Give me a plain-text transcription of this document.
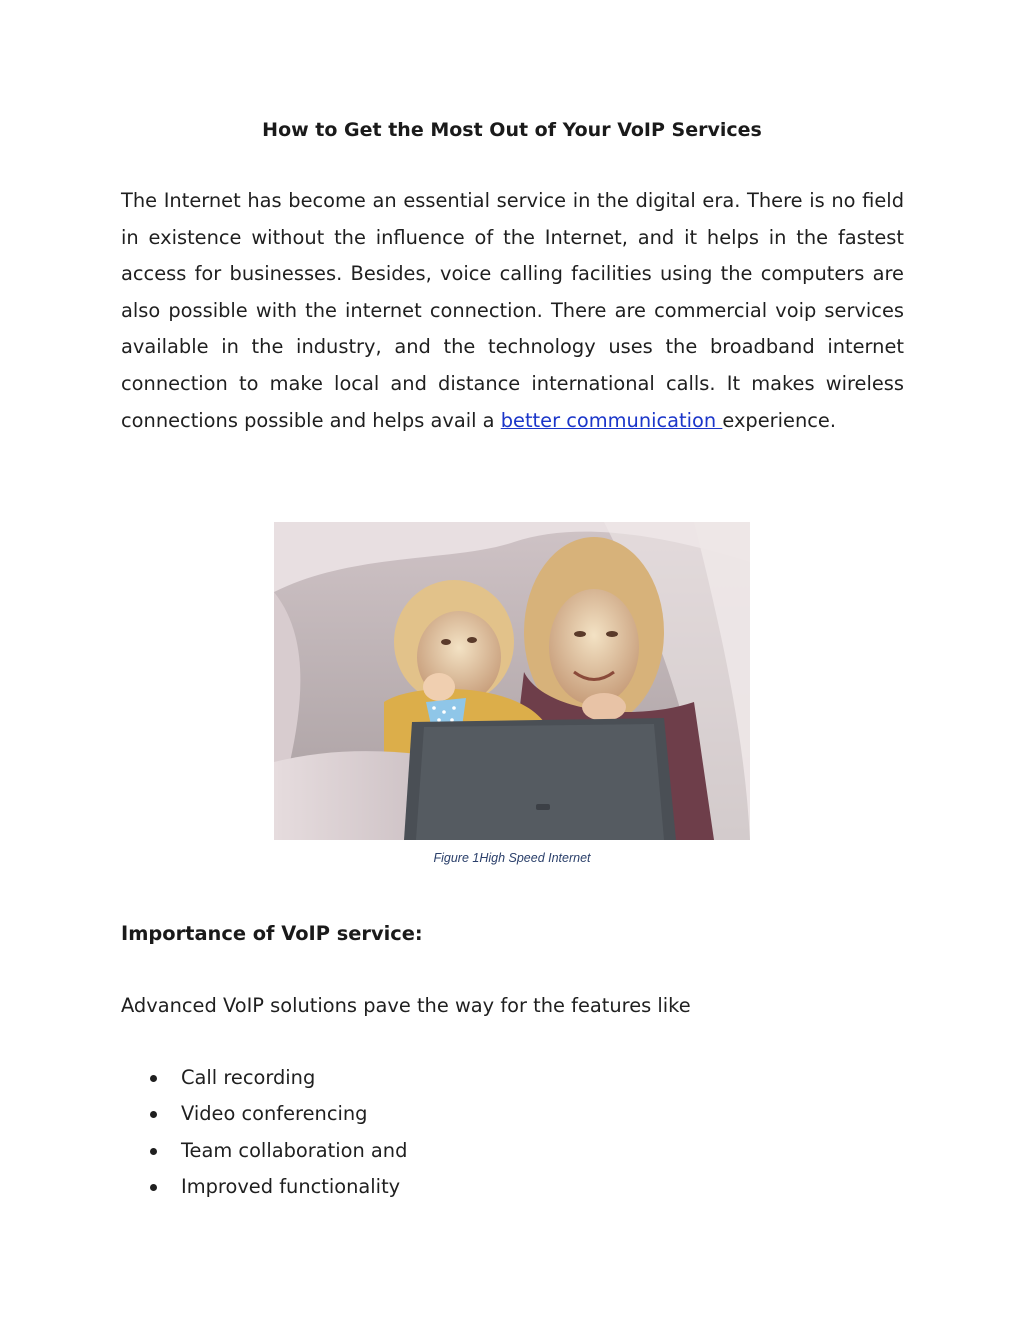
How to Get the Most Out of Your VoIP Services

The Internet has become an essential service in the digital era. There is no field in existence without the influence of the Internet, and it helps in the fastest access for businesses. Besides, voice calling facilities using the computers are also possible with the internet connection. There are commercial voip services available in the industry, and the technology uses the broadband internet connection to make local and distance international calls. It makes wireless connections possible and helps avail a better communication experience.

Figure 1High Speed Internet
Importance of VoIP service:
Advanced VoIP solutions pave the way for the features like
Call recording
Video conferencing
Team collaboration and
Improved functionality
